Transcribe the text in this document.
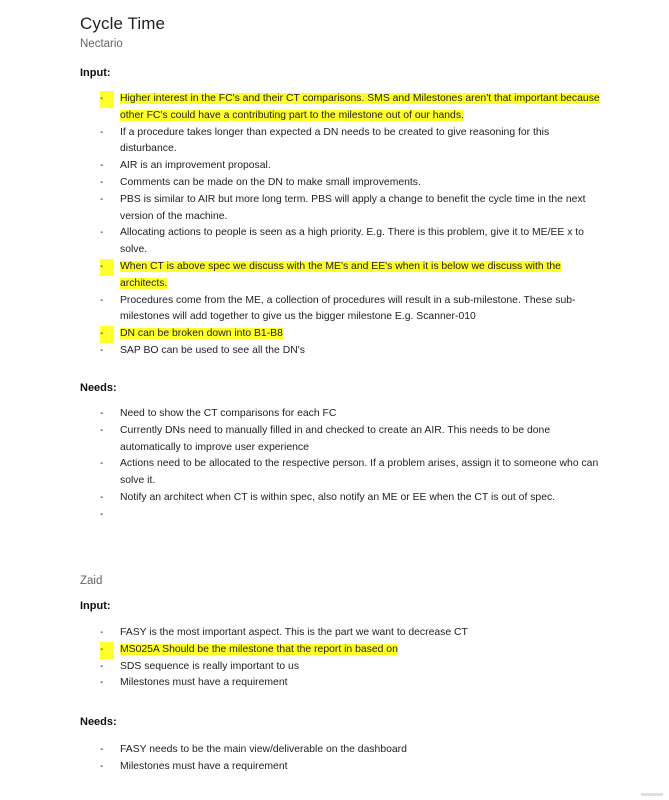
Cycle Time
Nectario
Input:
-	Higher interest in the FC's and their CT comparisons. SMS and Milestones aren't that important because other FC's could have a contributing part to the milestone out of our hands.
-	If a procedure takes longer than expected a DN needs to be created to give reasoning for this disturbance.
-	AIR is an improvement proposal.
-	Comments can be made on the DN to make small improvements.
-	PBS is similar to AIR but more long term. PBS will apply a change to benefit the cycle time in the next version of the machine.
-	Allocating actions to people is seen as a high priority. E.g. There is this problem, give it to ME/EE x to solve.
-	When CT is above spec we discuss with the ME's and EE's when it is below we discuss with the architects.
-	Procedures come from the ME, a collection of procedures will result in a sub-milestone. These sub-milestones will add together to give us the bigger milestone E.g. Scanner-010
-	DN can be broken down into B1-B8
-	SAP BO can be used to see all the DN's
Needs:
-	Need to show the CT comparisons for each FC
-	Currently DNs need to manually filled in and checked to create an AIR. This needs to be done automatically to improve user experience
-	Actions need to be allocated to the respective person. If a problem arises, assign it to someone who can solve it.
-	Notify an architect when CT is within spec, also notify an ME or EE when the CT is out of spec.
-
Zaid
Input:
-	FASY is the most important aspect. This is the part we want to decrease CT
-	MS025A Should be the milestone that the report in based on
-	SDS sequence is really important to us
-	Milestones must have a requirement
Needs:
-	FASY needs to be the main view/deliverable on the dashboard
-	Milestones must have a requirement
